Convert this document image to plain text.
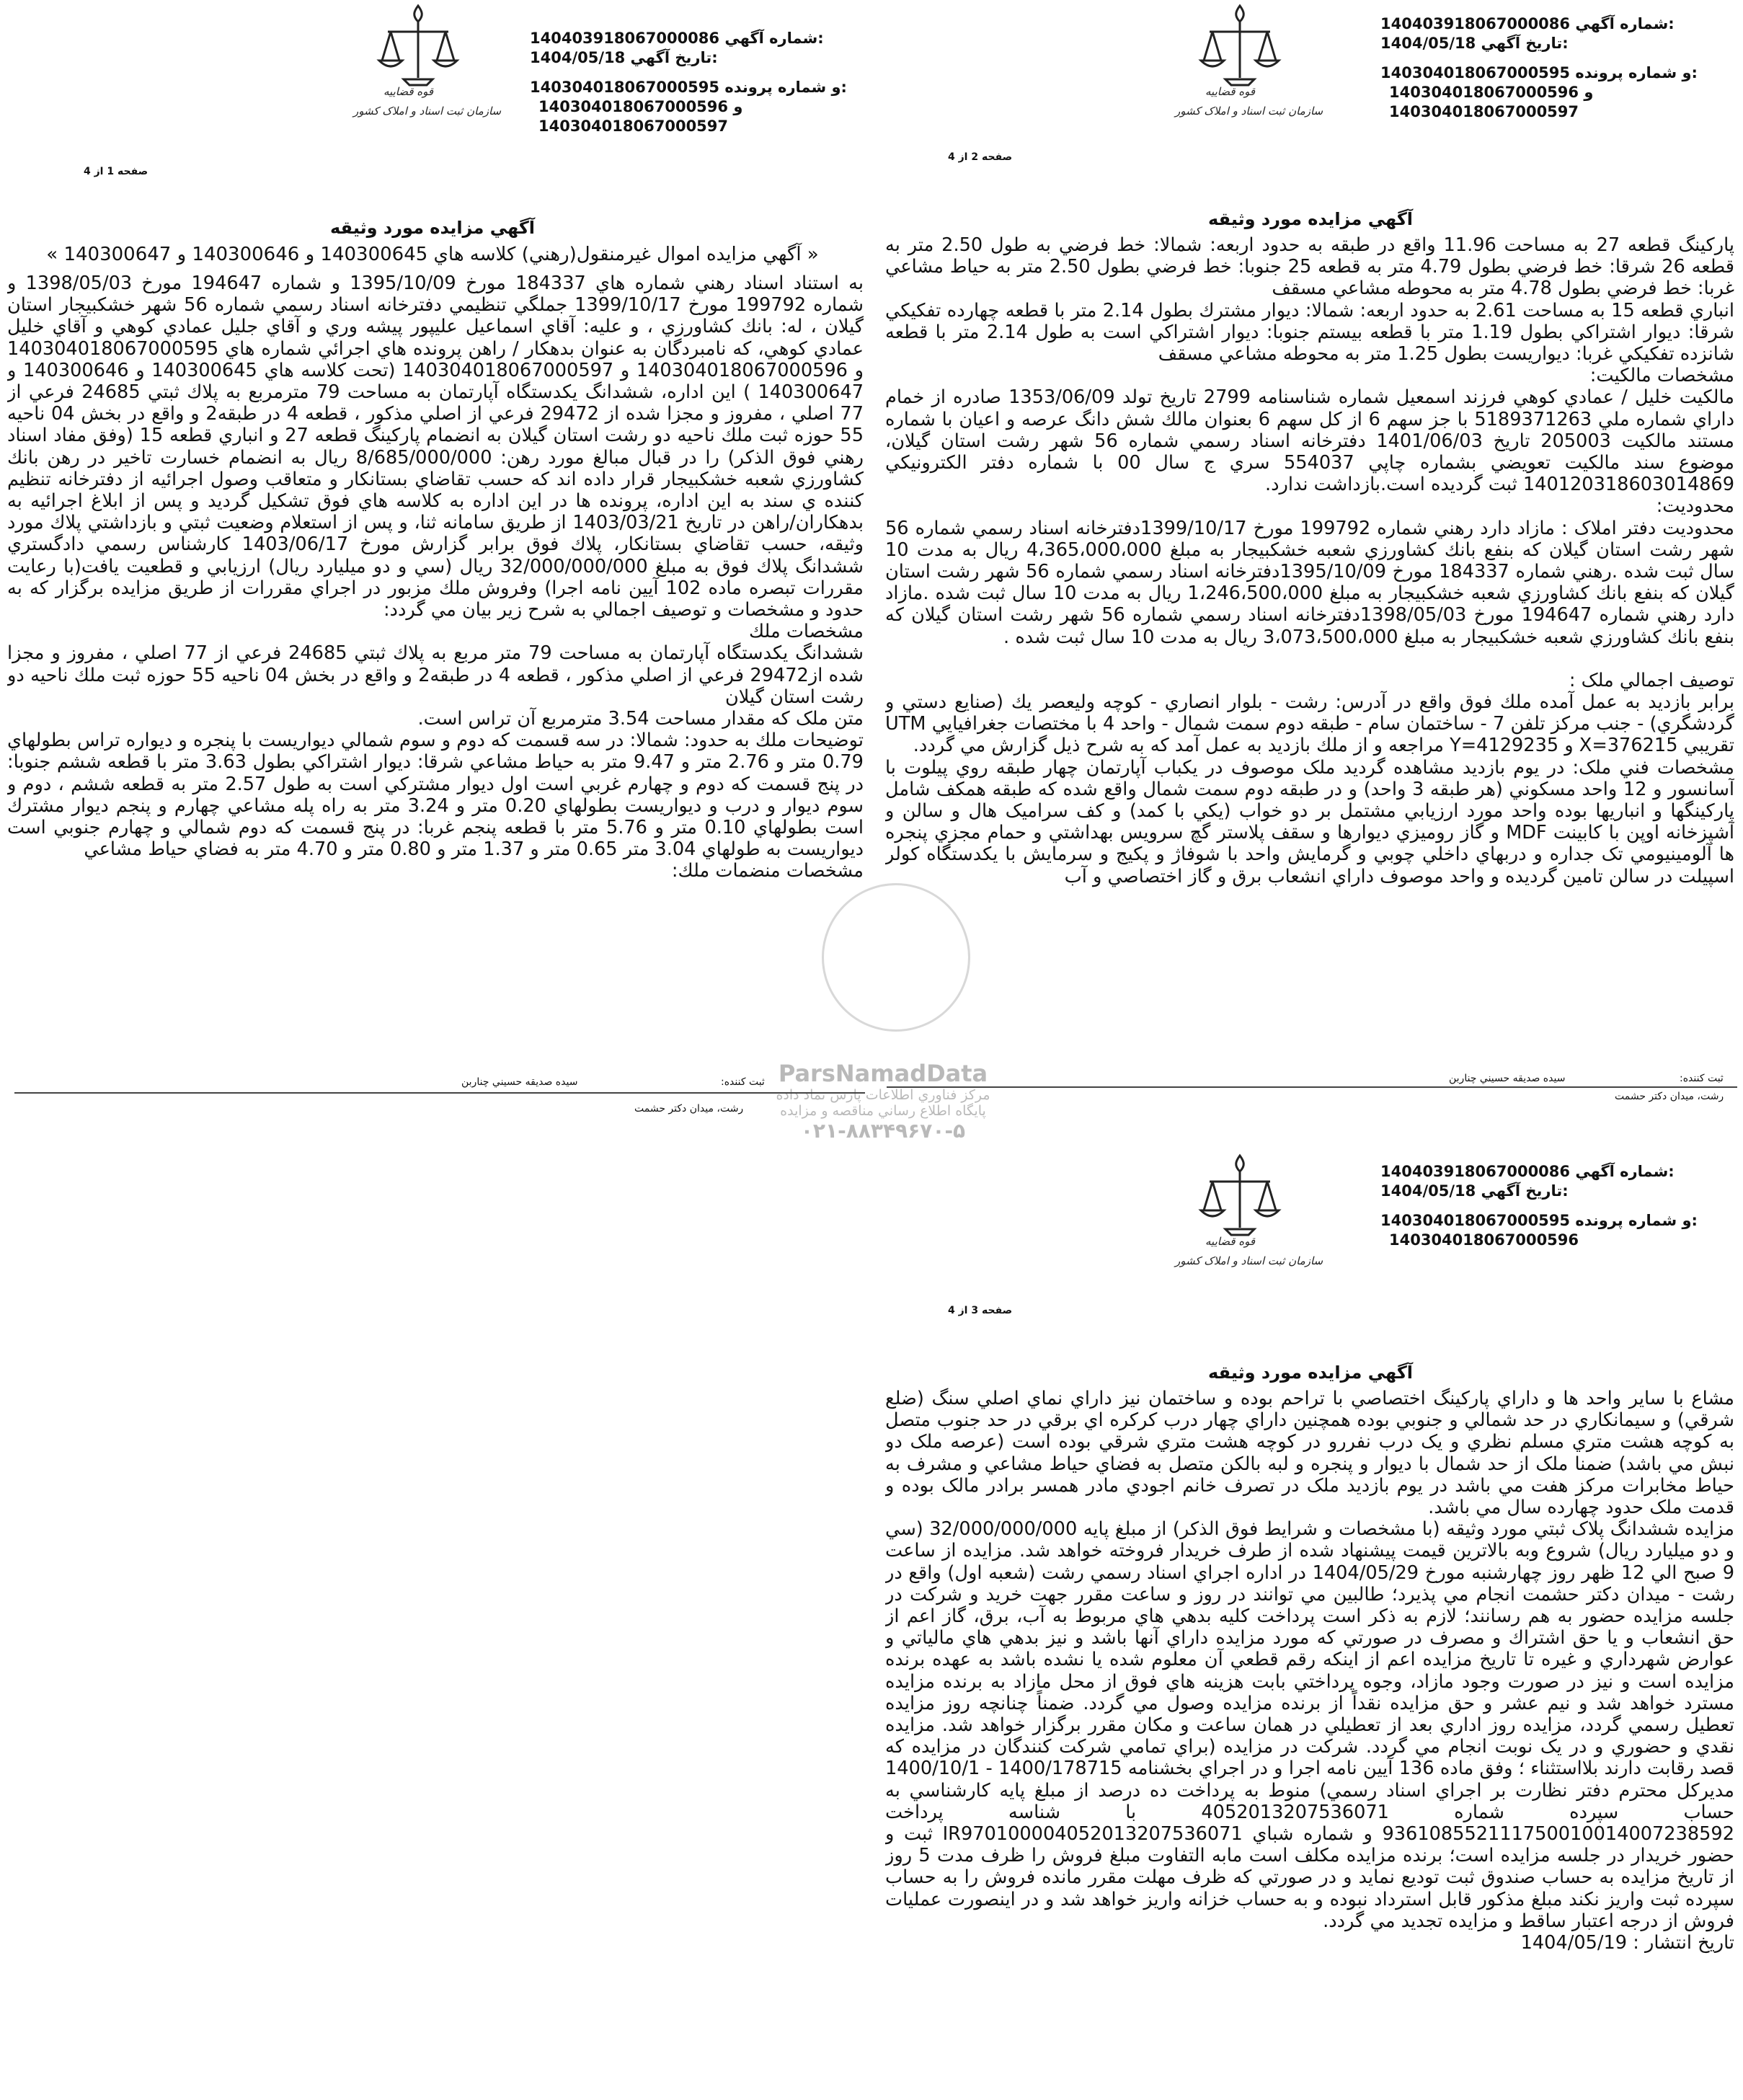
ParsNamadData
مركز فناوري اطلاعات پارس نماد داده
پايگاه اطلاع رساني مناقصه و مزايده
۰۲۱-۸۸۳۴۹۶۷۰-۵
قوه قضاییه
سازمان ثبت اسناد و املاک کشور
140403918067000086 شماره آگهي:
1404/05/18 تاريخ آگهي:
140304018067000595 و شماره پرونده:
140304018067000596 و
140304018067000597
صفحه 1 از 4
آگهي مزايده مورد وثيقه
« آگهي مزايده اموال غيرمنقول(رهني) كلاسه هاي 140300645 و 140300646 و 140300647 »

به استناد اسناد رهني شماره هاي 184337 مورخ 1395/10/09 و شماره 194647 مورخ 1398/05/03 و شماره 199792 مورخ 1399/10/17 جملگي تنظيمي دفترخانه اسناد رسمي شماره 56 شهر خشكبيجار استان گيلان ، له: بانك كشاورزي ، و عليه: آقاي اسماعيل عليپور پيشه وري و آقاي جليل عمادي كوهي و آقاي خليل عمادي كوهي، كه نامبردگان به عنوان بدهكار / راهن پرونده هاي اجرائي شماره هاي 140304018067000595 و 140304018067000596 و 140304018067000597 (تحت كلاسه هاي 140300645 و 140300646 و 140300647 ) اين اداره، ششدانگ يكدستگاه آپارتمان به مساحت 79 مترمربع به پلاك ثبتي 24685 فرعي از 77 اصلي ، مفروز و مجزا شده از 29472 فرعي از اصلي مذكور ، قطعه 4 در طبقه2 و واقع در بخش 04 ناحيه 55 حوزه ثبت ملك ناحيه دو رشت استان گيلان به انضمام پاركينگ قطعه 27 و انباري قطعه 15 (وفق مفاد اسناد رهني فوق الذكر) را در قبال مبالغ مورد رهن: 8/685/000/000 ريال به انضمام خسارت تاخير در رهن بانك كشاورزي شعبه خشكبيجار قرار داده اند كه حسب تقاضاي بستانكار و متعاقب وصول اجرائيه از دفترخانه تنظيم كننده ي سند به اين اداره، پرونده ها در اين اداره به كلاسه هاي فوق تشكيل گرديد و پس از ابلاغ اجرائيه به بدهكاران/راهن در تاريخ 1403/03/21 از طريق سامانه ثنا، و پس از استعلام وضعيت ثبتي و بازداشتي پلاك مورد وثيقه، حسب تقاضاي بستانكار، پلاك فوق برابر گزارش مورخ 1403/06/17 كارشناس رسمي دادگستري ششدانگ پلاك فوق به مبلغ 32/000/000/000 ريال (سي و دو ميليارد ريال) ارزيابي و قطعيت يافت(با رعايت مقررات تبصره ماده 102 آيين نامه اجرا) وفروش ملك مزبور در اجراي مقررات از طريق مزايده برگزار كه به حدود و مشخصات و توصيف اجمالي به شرح زير بيان مي گردد:

مشخصات ملك

ششدانگ يكدستگاه آپارتمان به مساحت 79 متر مربع به پلاك ثبتي 24685 فرعي از 77 اصلي ، مفروز و مجزا شده از29472 فرعي از اصلي مذكور ، قطعه 4 در طبقه2 و واقع در بخش 04 ناحيه 55 حوزه ثبت ملك ناحيه دو رشت استان گيلان

متن ملک كه مقدار مساحت 3.54 مترمربع آن تراس است.

توضيحات ملك به حدود: شمالا: در سه قسمت كه دوم و سوم شمالي ديواريست با پنجره و ديواره تراس بطولهاي 0.79 متر و 2.76 متر و 9.47 متر به حياط مشاعي شرقا: ديوار اشتراكي بطول 3.63 متر با قطعه ششم جنوبا: در پنج قسمت كه دوم و چهارم غربي است اول ديوار مشتركي است به طول 2.57 متر به قطعه ششم ، دوم و سوم ديوار و درب و ديواريست بطولهاي 0.20 متر و 3.24 متر به راه پله مشاعي چهارم و پنجم ديوار مشترك است بطولهاي 0.10 متر و 5.76 متر با قطعه پنجم غربا: در پنج قسمت كه دوم شمالي و چهارم جنوبي است ديواريست به طولهاي 3.04 متر 0.65 متر و 1.37 متر و 0.80 متر و 4.70 متر به فضاي حياط مشاعي

مشخصات منضمات ملك:

سيده صديقه حسيني چناربن	ثبت كننده:
رشت، ميدان دكتر حشمت
قوه قضاییه
سازمان ثبت اسناد و املاک کشور
140403918067000086 شماره آگهي:
1404/05/18 تاريخ آگهي:
140304018067000595 و شماره پرونده:
و 140304018067000596
140304018067000597
صفحه 2 از 4
آگهي مزايده مورد وثيقه

پاركينگ قطعه 27 به مساحت 11.96 واقع در طبقه به حدود اربعه: شمالا: خط فرضي به طول 2.50 متر به قطعه 26 شرقا: خط فرضي بطول 4.79 متر به قطعه 25 جنوبا: خط فرضي بطول 2.50 متر به حياط مشاعي غربا: خط فرضي بطول 4.78 متر به محوطه مشاعي مسقف

انباري قطعه 15 به مساحت 2.61 به حدود اربعه: شمالا: ديوار مشترك بطول 2.14 متر با قطعه چهارده تفكيكي شرقا: ديوار اشتراكي بطول 1.19 متر با قطعه بيستم جنوبا: ديوار اشتراكي است به طول 2.14 متر با قطعه شانزده تفكيكي غربا: ديواريست بطول 1.25 متر به محوطه مشاعي مسقف

مشخصات مالكيت:

مالكيت خليل / عمادي كوهي فرزند اسمعيل شماره شناسنامه 2799 تاريخ تولد 1353/06/09 صادره از خمام داراي شماره ملي 5189371263 با جز سهم 6 از كل سهم 6 بعنوان مالك شش دانگ عرصه و اعيان با شماره مستند مالكيت 205003 تاريخ 1401/06/03 دفترخانه اسناد رسمي شماره 56 شهر رشت استان گيلان، موضوع سند مالكيت تعويضي بشماره چاپي 554037 سري ج سال 00 با شماره دفتر الكترونيكي 140120318603014869 ثبت گرديده است.بازداشت ندارد.

محدوديت:

محدوديت دفتر املاک : مازاد دارد رهني شماره 199792 مورخ 1399/10/17دفترخانه اسناد رسمي شماره 56 شهر رشت استان گيلان كه بنفع بانك كشاورزي شعبه خشكبيجار به مبلغ 4،365،000،000 ريال به مدت 10 سال ثبت شده .رهني شماره 184337 مورخ 1395/10/09دفترخانه اسناد رسمي شماره 56 شهر رشت استان گيلان كه بنفع بانك كشاورزي شعبه خشكبيجار به مبلغ 1،246،500،000 ريال به مدت 10 سال ثبت شده .مازاد دارد رهني شماره 194647 مورخ 1398/05/03دفترخانه اسناد رسمي شماره 56 شهر رشت استان گيلان كه بنفع بانك كشاورزي شعبه خشكبيجار به مبلغ 3،073،500،000 ريال به مدت 10 سال ثبت شده .

توصيف اجمالي ملک :

برابر بازديد به عمل آمده ملك فوق واقع در آدرس: رشت - بلوار انصاري - كوچه وليعصر يك (صنايع دستي و گردشگري) - جنب مركز تلفن 7 - ساختمان سام - طبقه دوم سمت شمال - واحد 4 با مختصات جغرافيايي UTM تقريبي X=376215 و Y=4129235 مراجعه و از ملك بازديد به عمل آمد كه به شرح ذيل گزارش مي گردد.

مشخصات فني ملک: در يوم بازديد مشاهده گرديد ملک موصوف در يكباب آپارتمان چهار طبقه روي پيلوت با آسانسور و 12 واحد مسكوني (هر طبقه 3 واحد) و در طبقه دوم سمت شمال واقع شده كه طبقه همكف شامل پاركينگها و انباريها بوده واحد مورد ارزيابي مشتمل بر دو خواب (يكي با كمد) و كف سراميک هال و سالن و آشپزخانه اوپن با كابينت MDF و گاز روميزي ديوارها و سقف پلاستر گچ سرويس بهداشتي و حمام مجزي پنجره ها آلومينيومي تک جداره و دربهاي داخلي چوبي و گرمايش واحد با شوفاژ و پكيج و سرمايش با يكدستگاه كولر اسپيلت در سالن تامين گرديده و واحد موصوف داراي انشعاب برق و گاز اختصاصي و آب

سيده صديقه حسيني چناربن	ثبت كننده:
رشت، ميدان دكتر حشمت
قوه قضاییه
سازمان ثبت اسناد و املاک کشور
140403918067000086 شماره آگهي:
1404/05/18 تاريخ آگهي:
140304018067000595 و شماره پرونده:
140304018067000596
صفحه 3 از 4
آگهي مزايده مورد وثيقه

مشاع با ساير واحد ها و داراي پاركينگ اختصاصي با تراحم بوده و ساختمان نيز داراي نماي اصلي سنگ (ضلع شرقي) و سيمانكاري در حد شمالي و جنوبي بوده همچنين داراي چهار درب كركره اي برقي در حد جنوب متصل به كوچه هشت متري مسلم نظري و يک درب نفررو در كوچه هشت متري شرقي بوده است (عرصه ملک دو نبش مي باشد) ضمنا ملک از حد شمال با ديوار و پنجره و لبه بالكن متصل به فضاي حياط مشاعي و مشرف به حياط مخابرات مركز هفت مي باشد در يوم بازديد ملک در تصرف خانم اجودي مادر همسر برادر مالک بوده و قدمت ملک حدود چهارده سال مي باشد.

مزايده ششدانگ پلاک ثبتي مورد وثيقه (با مشخصات و شرايط فوق الذكر) از مبلغ پايه 32/000/000/000 (سي و دو ميليارد ريال) شروع وبه بالاترين قيمت پيشنهاد شده از طرف خريدار فروخته خواهد شد. مزايده از ساعت 9 صبح الي 12 ظهر روز چهارشنبه مورخ 1404/05/29 در اداره اجراي اسناد رسمي رشت (شعبه اول) واقع در رشت - ميدان دكتر حشمت انجام مي پذيرد؛ طالبين مي توانند در روز و ساعت مقرر جهت خريد و شركت در جلسه مزايده حضور به هم رسانند؛ لازم به ذكر است پرداخت كليه بدهي هاي مربوط به آب، برق، گاز اعم از حق انشعاب و يا حق اشتراك و مصرف در صورتي كه مورد مزايده داراي آنها باشد و نيز بدهي هاي مالياتي و عوارض شهرداري و غيره تا تاريخ مزايده اعم از اينكه رقم قطعي آن معلوم شده يا نشده باشد به عهده برنده مزايده است و نيز در صورت وجود مازاد، وجوه پرداختي بابت هزينه هاي فوق از محل مازاد به برنده مزايده مسترد خواهد شد و نيم عشر و حق مزايده نقداً از برنده مزايده وصول مي گردد. ضمناً چنانچه روز مزايده تعطيل رسمي گردد، مزايده روز اداري بعد از تعطيلي در همان ساعت و مكان مقرر برگزار خواهد شد. مزايده نقدي و حضوري و در يک نوبت انجام مي گردد. شركت در مزايده (براي تمامي شركت كنندگان در مزايده كه قصد رقابت دارند بلااستثناء ؛ وفق ماده 136 آيين نامه اجرا و در اجراي بخشنامه 1400/178715 - 1400/10/1 مديركل محترم دفتر نظارت بر اجراي اسناد رسمي) منوط به پرداخت ده درصد از مبلغ پايه كارشناسي به حساب سپرده شماره 4052013207536071 با شناسه پرداخت 936108552111750010014007238592 و شماره شباي IR970100004052013207536071 ثبت و حضور خريدار در جلسه مزايده است؛ برنده مزايده مكلف است مابه التفاوت مبلغ فروش را ظرف مدت 5 روز از تاريخ مزايده به حساب صندوق ثبت توديع نمايد و در صورتي كه ظرف مهلت مقرر مانده فروش را به حساب سپرده ثبت واريز نكند مبلغ مذكور قابل استرداد نبوده و به حساب خزانه واريز خواهد شد و در اينصورت عمليات فروش از درجه اعتبار ساقط و مزايده تجديد مي گردد.

تاريخ انتشار : 1404/05/19
